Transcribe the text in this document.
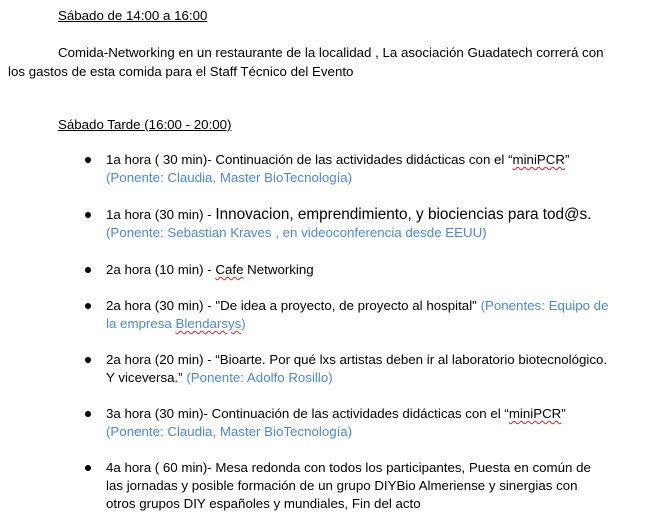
Sábado de 14:00 a 16:00

Comida-Networking en un restaurante de la localidad , La asociación Guadatech correrá con los gastos de esta comida para el Staff Técnico del Evento

Sábado Tarde (16:00 - 20:00)
1a hora ( 30 min)- Continuación de las actividades didácticas con el “miniPCR”
(Ponente: Claudia, Master BioTecnología)
1a hora (30 min) - Innovacion, emprendimiento, y biociencias para tod@s.(Ponente: Sebastian Kraves , en videoconferencia desde EEUU)
2a hora (10 min) - Cafe Networking
2a hora (30 min) - "De idea a proyecto, de proyecto al hospital" (Ponentes: Equipo de la empresa Blendarsys)
2a hora (20 min) - “Bioarte. Por qué lxs artistas deben ir al laboratorio biotecnológico. Y viceversa.” (Ponente: Adolfo Rosillo)
3a hora (30 min)- Continuación de las actividades didácticas con el “miniPCR”
(Ponente: Claudia, Master BioTecnología)
4a hora ( 60 min)- Mesa redonda con todos los participantes, Puesta en común de las jornadas y posible formación de un grupo DIYBio Almeriense y sinergias con otros grupos DIY españoles y mundiales, Fin del acto
